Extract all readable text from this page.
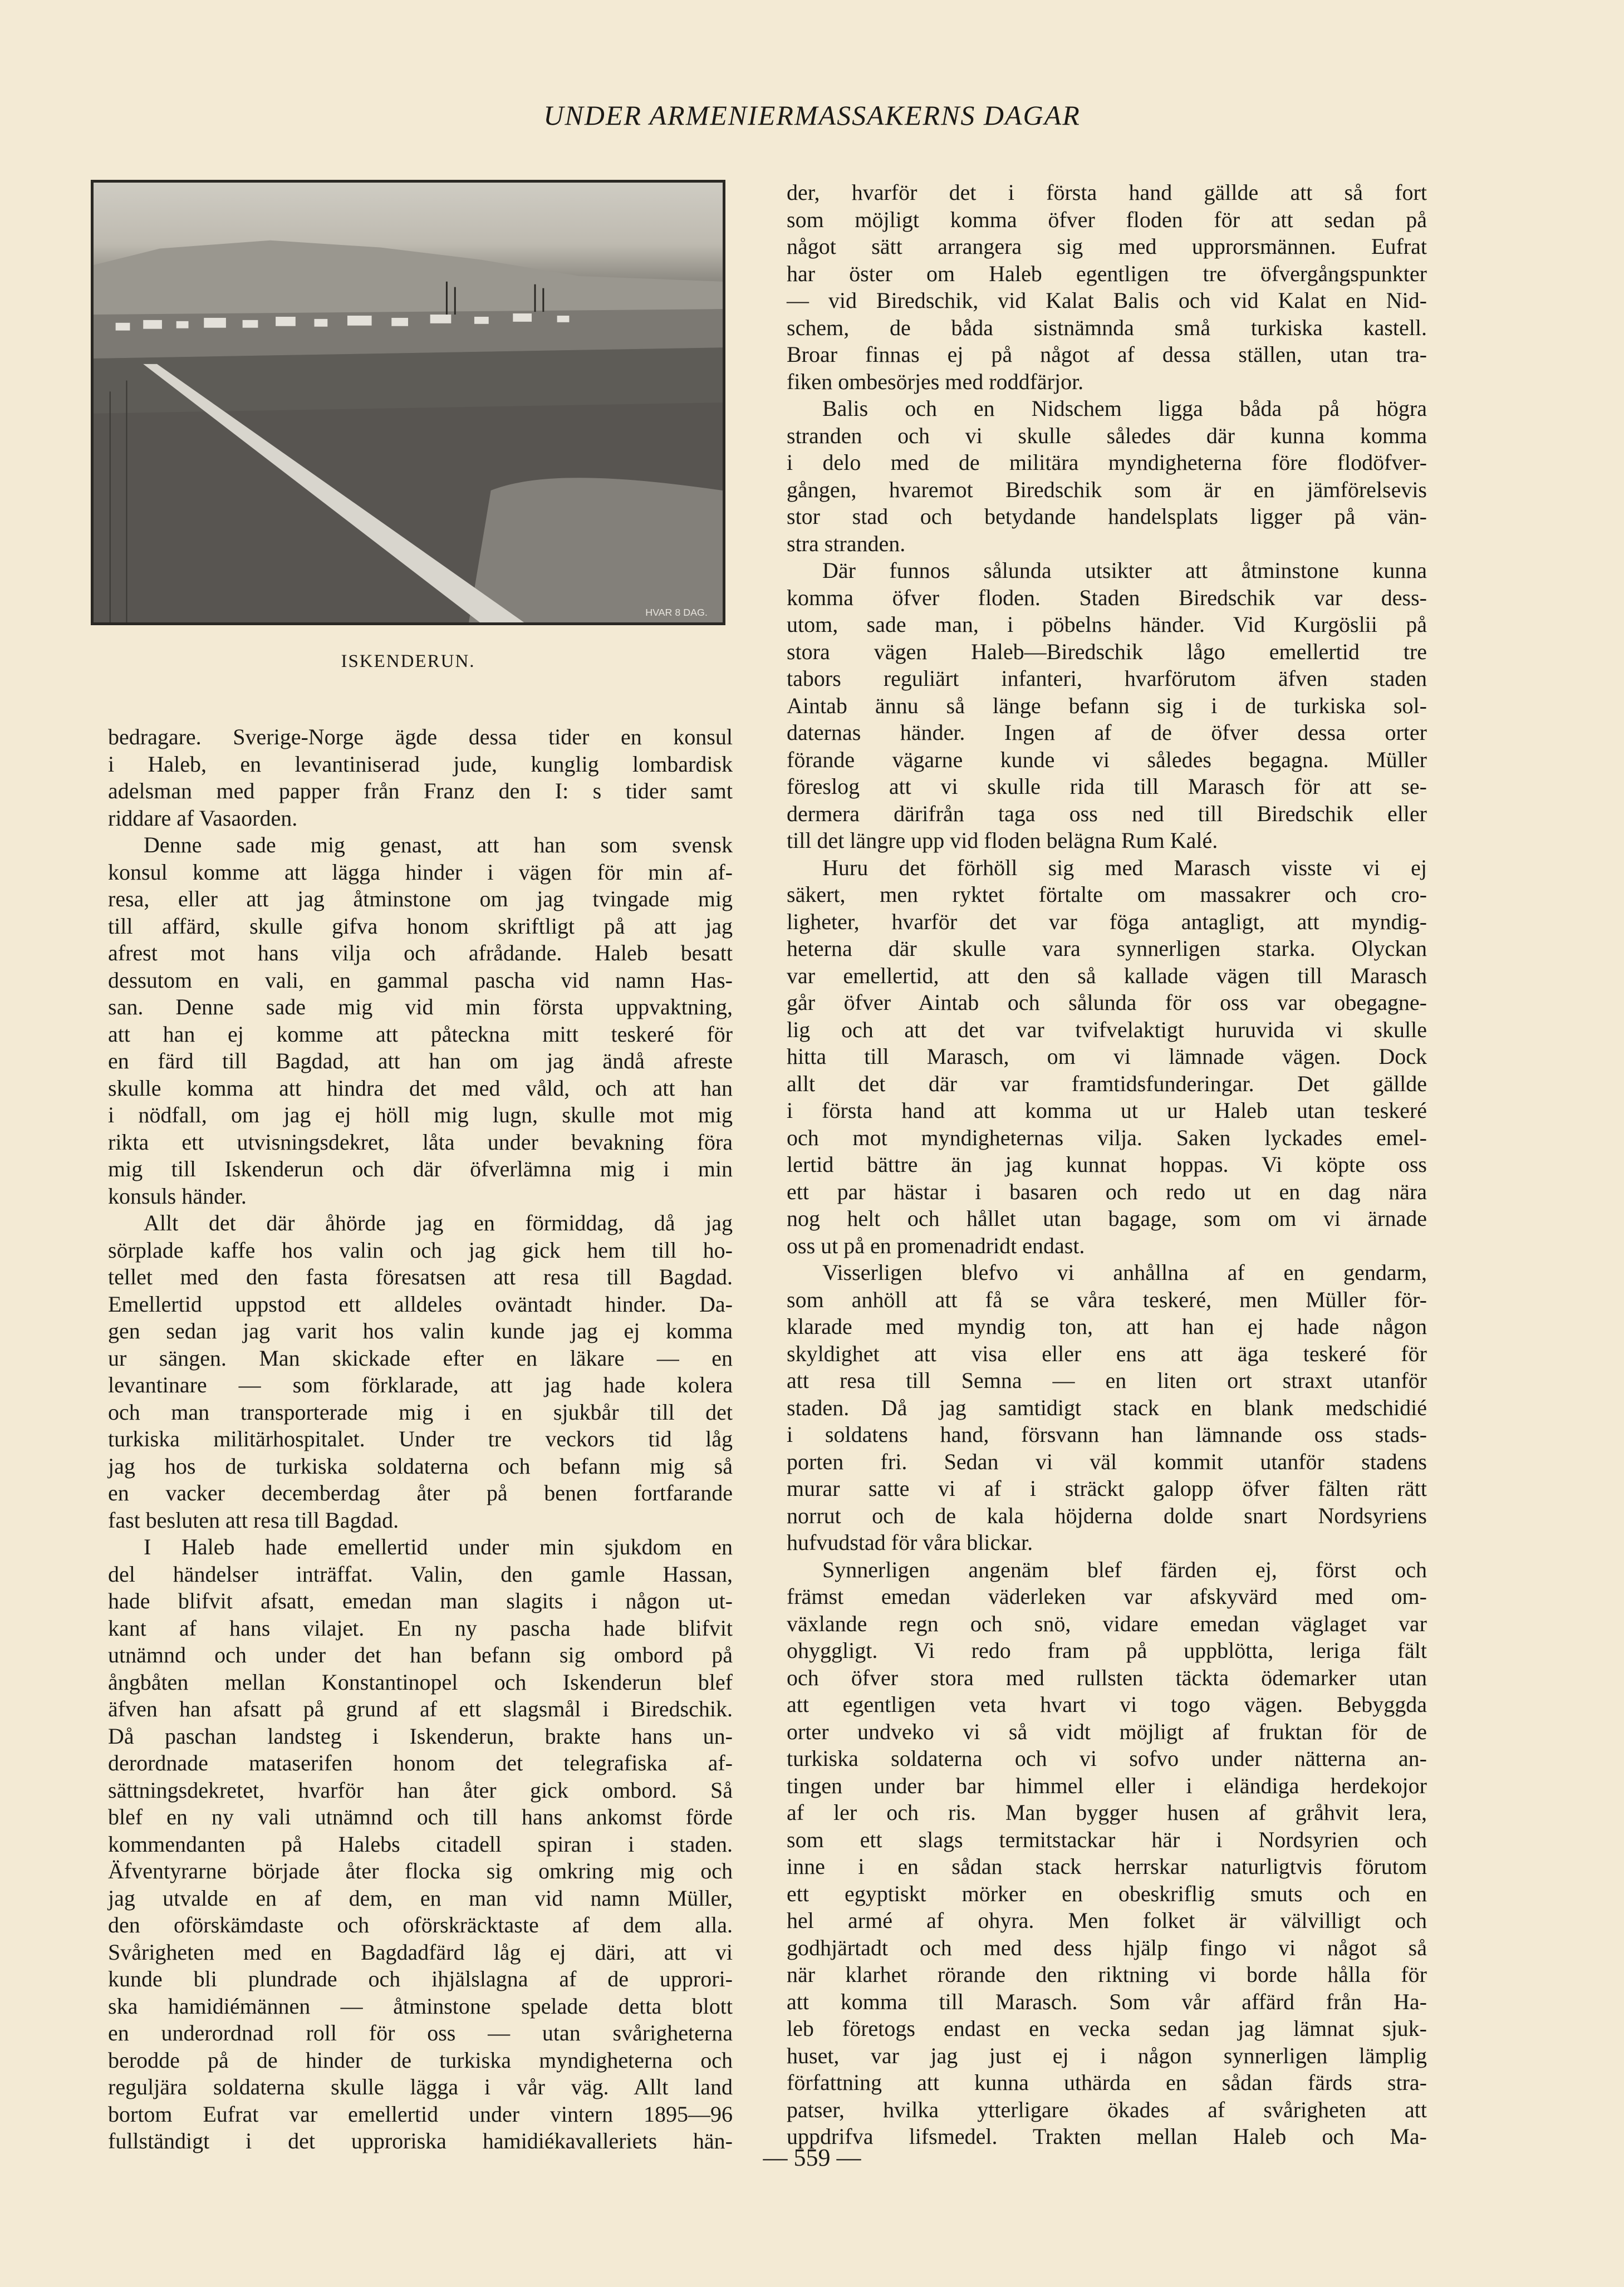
UNDER ARMENIERMASSAKERNS DAGAR
HVAR 8 DAG.
ISKENDERUN.
bedragare. Sverige-Norge ägde dessa tider en konsul
i Haleb, en levantiniserad jude, kunglig lombardisk
adelsman med papper från Franz den I: s tider samt
riddare af Vasaorden.
Denne sade mig genast, att han som svensk
konsul komme att lägga hinder i vägen för min af-
resa, eller att jag åtminstone om jag tvingade mig
till affärd, skulle gifva honom skriftligt på att jag
afrest mot hans vilja och afrådande. Haleb besatt
dessutom en vali, en gammal pascha vid namn Has-
san. Denne sade mig vid min första uppvaktning,
att han ej komme att påteckna mitt teskeré för
en färd till Bagdad, att han om jag ändå afreste
skulle komma att hindra det med våld, och att han
i nödfall, om jag ej höll mig lugn, skulle mot mig
rikta ett utvisningsdekret, låta under bevakning föra
mig till Iskenderun och där öfverlämna mig i min
konsuls händer.
Allt det där åhörde jag en förmiddag, då jag
sörplade kaffe hos valin och jag gick hem till ho-
tellet med den fasta föresatsen att resa till Bagdad.
Emellertid uppstod ett alldeles oväntadt hinder. Da-
gen sedan jag varit hos valin kunde jag ej komma
ur sängen. Man skickade efter en läkare — en
levantinare — som förklarade, att jag hade kolera
och man transporterade mig i en sjukbår till det
turkiska militärhospitalet. Under tre veckors tid låg
jag hos de turkiska soldaterna och befann mig så
en vacker decemberdag åter på benen fortfarande
fast besluten att resa till Bagdad.
I Haleb hade emellertid under min sjukdom en
del händelser inträffat. Valin, den gamle Hassan,
hade blifvit afsatt, emedan man slagits i någon ut-
kant af hans vilajet. En ny pascha hade blifvit
utnämnd och under det han befann sig ombord på
ångbåten mellan Konstantinopel och Iskenderun blef
äfven han afsatt på grund af ett slagsmål i Biredschik.
Då paschan landsteg i Iskenderun, brakte hans un-
derordnade mataserifen honom det telegrafiska af-
sättningsdekretet, hvarför han åter gick ombord. Så
blef en ny vali utnämnd och till hans ankomst förde
kommendanten på Halebs citadell spiran i staden.
Äfventyrarne började åter flocka sig omkring mig och
jag utvalde en af dem, en man vid namn Müller,
den oförskämdaste och oförskräcktaste af dem alla.
Svårigheten med en Bagdadfärd låg ej däri, att vi
kunde bli plundrade och ihjälslagna af de upprori-
ska hamidiémännen — åtminstone spelade detta blott
en underordnad roll för oss — utan svårigheterna
berodde på de hinder de turkiska myndigheterna och
reguljära soldaterna skulle lägga i vår väg. Allt land
bortom Eufrat var emellertid under vintern 1895—96
fullständigt i det upproriska hamidiékavalleriets hän-
der, hvarför det i första hand gällde att så fort
som möjligt komma öfver floden för att sedan på
något sätt arrangera sig med upprorsmännen. Eufrat
har öster om Haleb egentligen tre öfvergångspunkter
— vid Biredschik, vid Kalat Balis och vid Kalat en Nid-
schem, de båda sistnämnda små turkiska kastell.
Broar finnas ej på något af dessa ställen, utan tra-
fiken ombesörjes med roddfärjor.
Balis och en Nidschem ligga båda på högra
stranden och vi skulle således där kunna komma
i delo med de militära myndigheterna före flodöfver-
gången, hvaremot Biredschik som är en jämförelsevis
stor stad och betydande handelsplats ligger på vän-
stra stranden.
Där funnos sålunda utsikter att åtminstone kunna
komma öfver floden. Staden Biredschik var dess-
utom, sade man, i pöbelns händer. Vid Kurgöslii på
stora vägen Haleb—Biredschik lågo emellertid tre
tabors reguliärt infanteri, hvarförutom äfven staden
Aintab ännu så länge befann sig i de turkiska sol-
daternas händer. Ingen af de öfver dessa orter
förande vägarne kunde vi således begagna. Müller
föreslog att vi skulle rida till Marasch för att se-
dermera därifrån taga oss ned till Biredschik eller
till det längre upp vid floden belägna Rum Kalé.
Huru det förhöll sig med Marasch visste vi ej
säkert, men ryktet förtalte om massakrer och cro-
ligheter, hvarför det var föga antagligt, att myndig-
heterna där skulle vara synnerligen starka. Olyckan
var emellertid, att den så kallade vägen till Marasch
går öfver Aintab och sålunda för oss var obegagne-
lig och att det var tvifvelaktigt huruvida vi skulle
hitta till Marasch, om vi lämnade vägen. Dock
allt det där var framtidsfunderingar. Det gällde
i första hand att komma ut ur Haleb utan teskeré
och mot myndigheternas vilja. Saken lyckades emel-
lertid bättre än jag kunnat hoppas. Vi köpte oss
ett par hästar i basaren och redo ut en dag nära
nog helt och hållet utan bagage, som om vi ärnade
oss ut på en promenadridt endast.
Visserligen blefvo vi anhållna af en gendarm,
som anhöll att få se våra teskeré, men Müller för-
klarade med myndig ton, att han ej hade någon
skyldighet att visa eller ens att äga teskeré för
att resa till Semna — en liten ort straxt utanför
staden. Då jag samtidigt stack en blank medschidié
i soldatens hand, försvann han lämnande oss stads-
porten fri. Sedan vi väl kommit utanför stadens
murar satte vi af i sträckt galopp öfver fälten rätt
norrut och de kala höjderna dolde snart Nordsyriens
hufvudstad för våra blickar.
Synnerligen angenäm blef färden ej, först och
främst emedan väderleken var afskyvärd med om-
växlande regn och snö, vidare emedan väglaget var
ohyggligt. Vi redo fram på uppblötta, leriga fält
och öfver stora med rullsten täckta ödemarker utan
att egentligen veta hvart vi togo vägen. Bebyggda
orter undveko vi så vidt möjligt af fruktan för de
turkiska soldaterna och vi sofvo under nätterna an-
tingen under bar himmel eller i eländiga herdekojor
af ler och ris. Man bygger husen af gråhvit lera,
som ett slags termitstackar här i Nordsyrien och
inne i en sådan stack herrskar naturligtvis förutom
ett egyptiskt mörker en obeskriflig smuts och en
hel armé af ohyra. Men folket är välvilligt och
godhjärtadt och med dess hjälp fingo vi något så
när klarhet rörande den riktning vi borde hålla för
att komma till Marasch. Som vår affärd från Ha-
leb företogs endast en vecka sedan jag lämnat sjuk-
huset, var jag just ej i någon synnerligen lämplig
författning att kunna uthärda en sådan färds stra-
patser, hvilka ytterligare ökades af svårigheten att
uppdrifva lifsmedel. Trakten mellan Haleb och Ma-
— 559 —
